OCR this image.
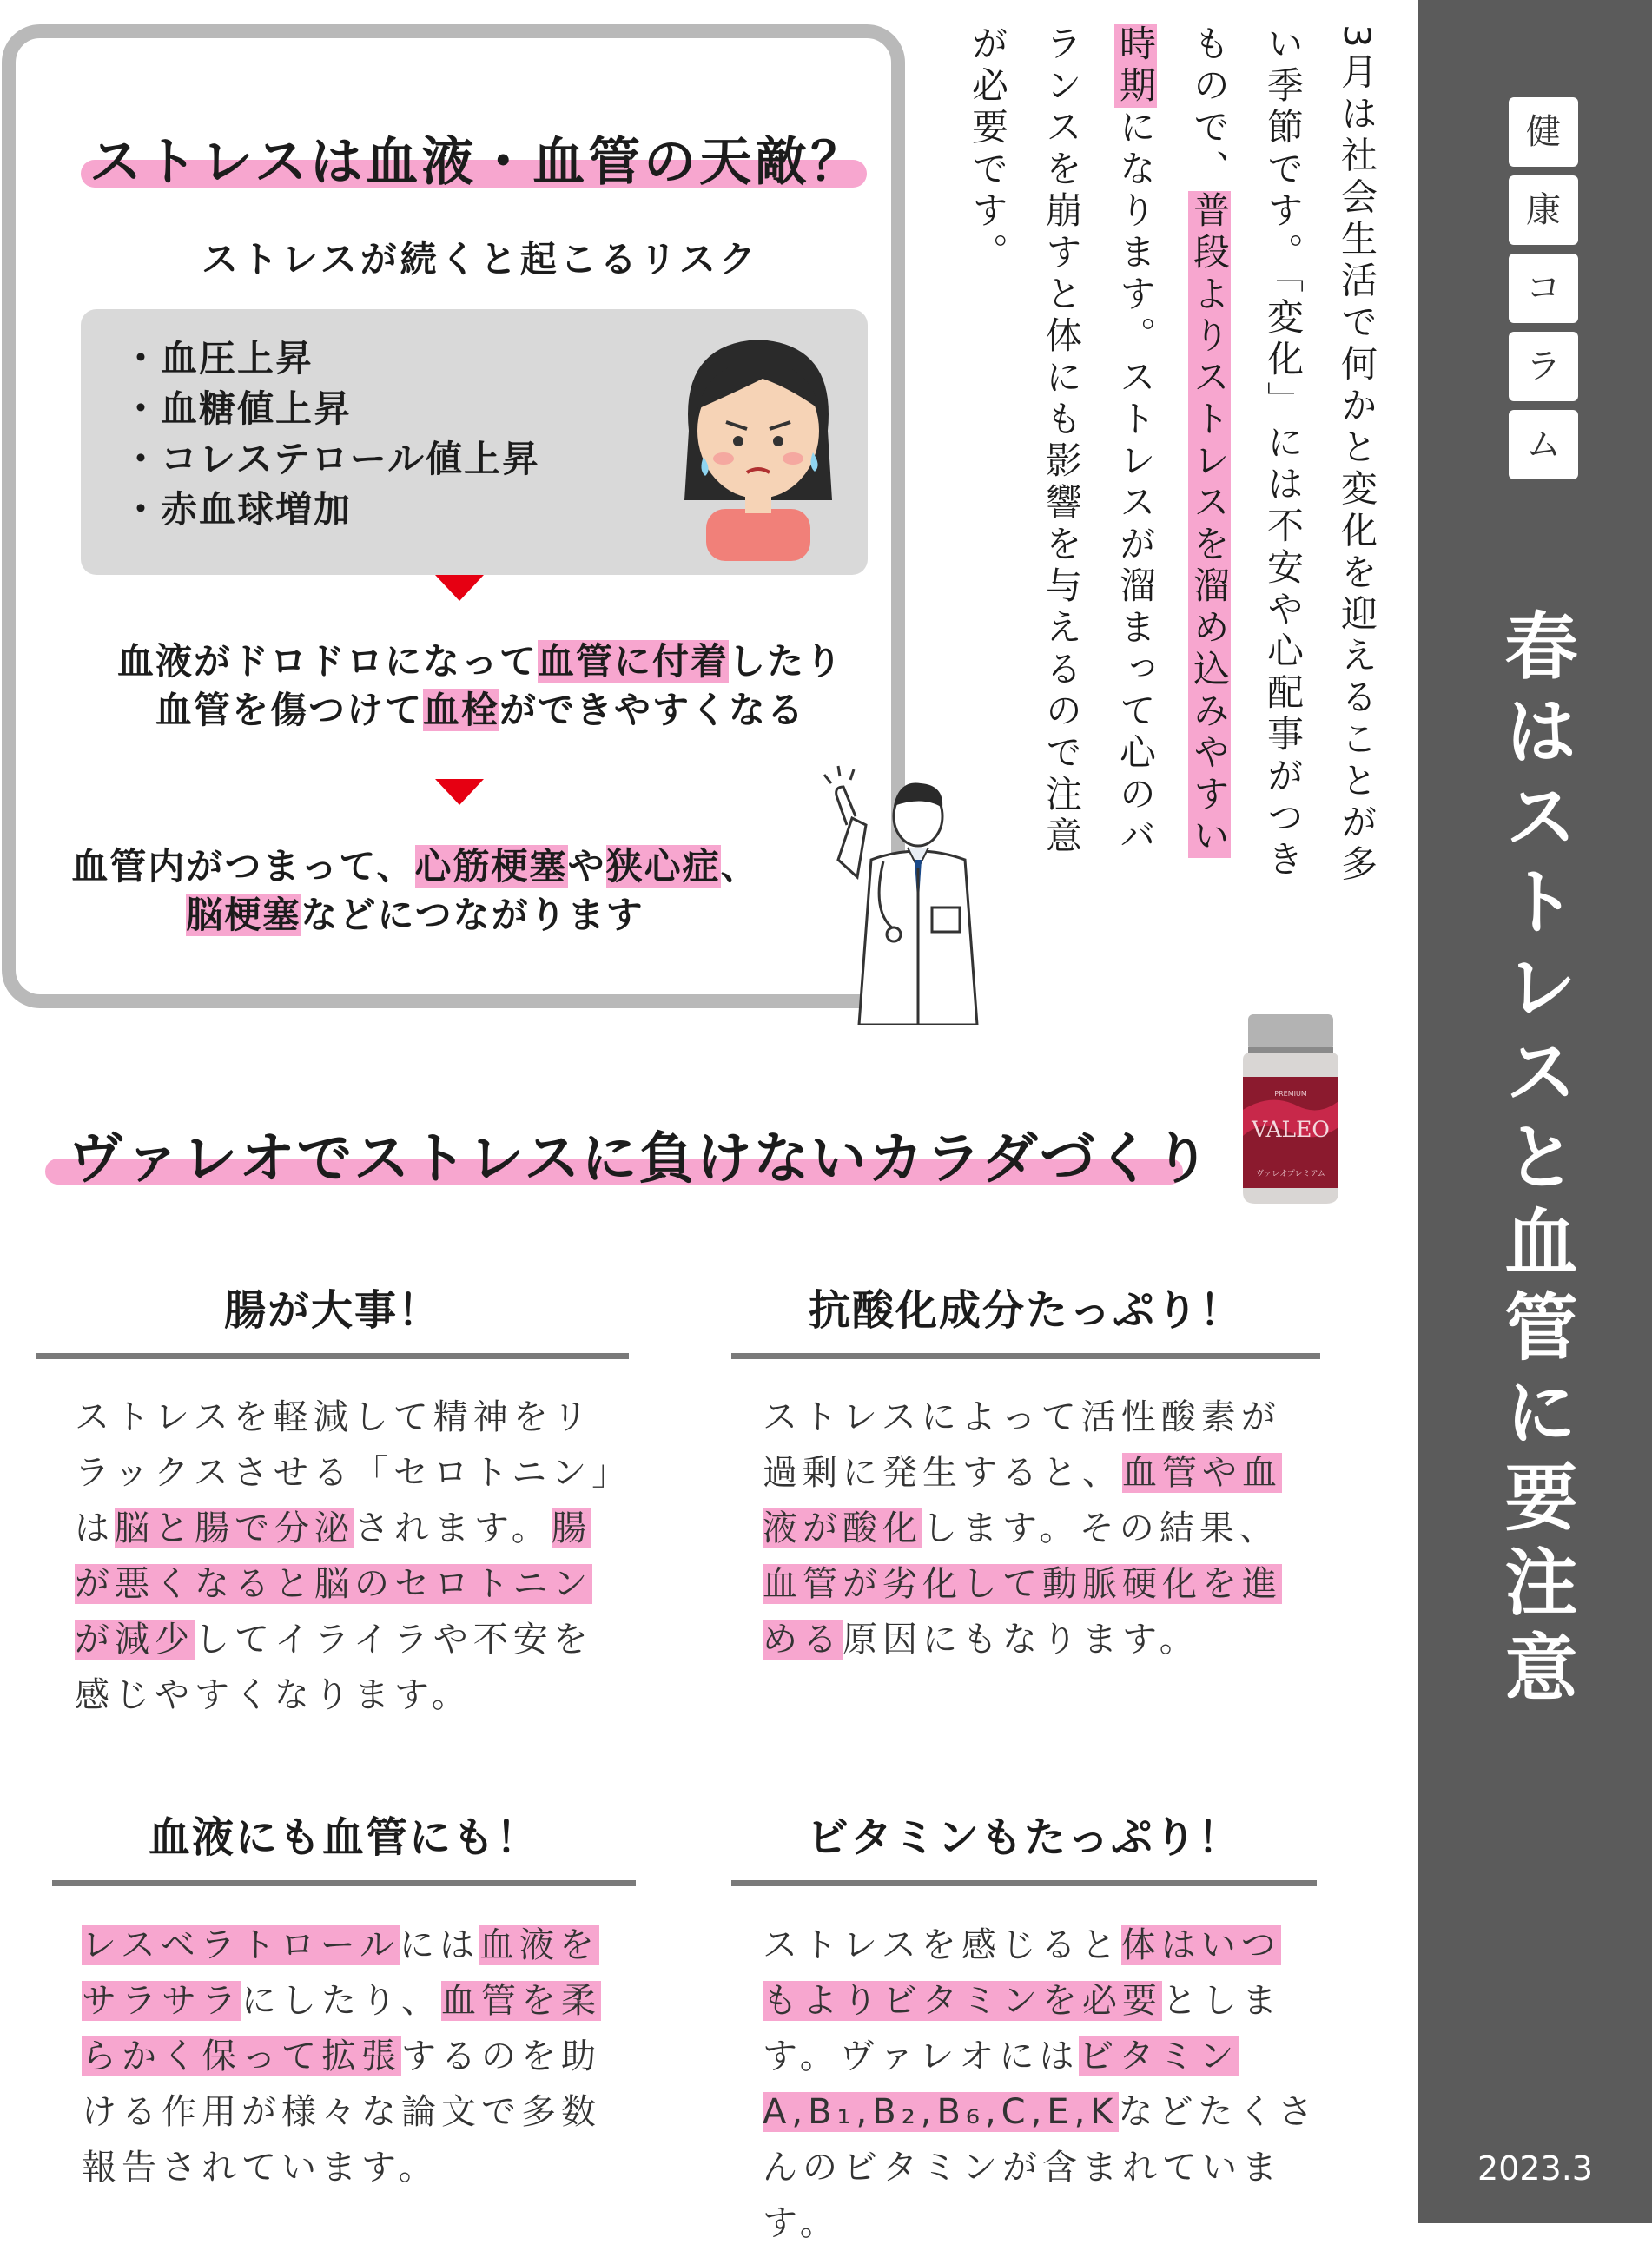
健
康
コ
ラ
ム
春はストレスと血管に要注意
2023.3
3月は社会生活で何かと変化を迎えることが多い季節です。「変化」には不安や心配事がつきもので、普段よりストレスを溜め込みやすい時期になります。ストレスが溜まって心のバランスを崩すと体にも影響を与えるので注意が必要です。
ストレスは血液・血管の天敵？
ストレスが続くと起こるリスク
・血圧上昇
・血糖値上昇
・コレステロール値上昇
・赤血球増加
血液がドロドロになって血管に付着したり
血管を傷つけて血栓ができやすくなる
血管内がつまって、心筋梗塞や狭心症、
脳梗塞などにつながります
PREMIUM
VALEO
ヴァレオプレミアム
ヴァレオでストレスに負けないカラダづくり
腸が大事！
ストレスを軽減して精神をリラックスさせる「セロトニン」は脳と腸で分泌されます。腸が悪くなると脳のセロトニンが減少してイライラや不安を感じやすくなります。
抗酸化成分たっぷり！
ストレスによって活性酸素が過剰に発生すると、血管や血液が酸化します。その結果、血管が劣化して動脈硬化を進める原因にもなります。
血液にも血管にも！
レスベラトロールには血液をサラサラにしたり、血管を柔らかく保って拡張するのを助ける作用が様々な論文で多数報告されています。
ビタミンもたっぷり！
ストレスを感じると体はいつもよりビタミンを必要とします。ヴァレオにはビタミンA,B₁,B₂,B₆,C,E,Kなどたくさんのビタミンが含まれています。
